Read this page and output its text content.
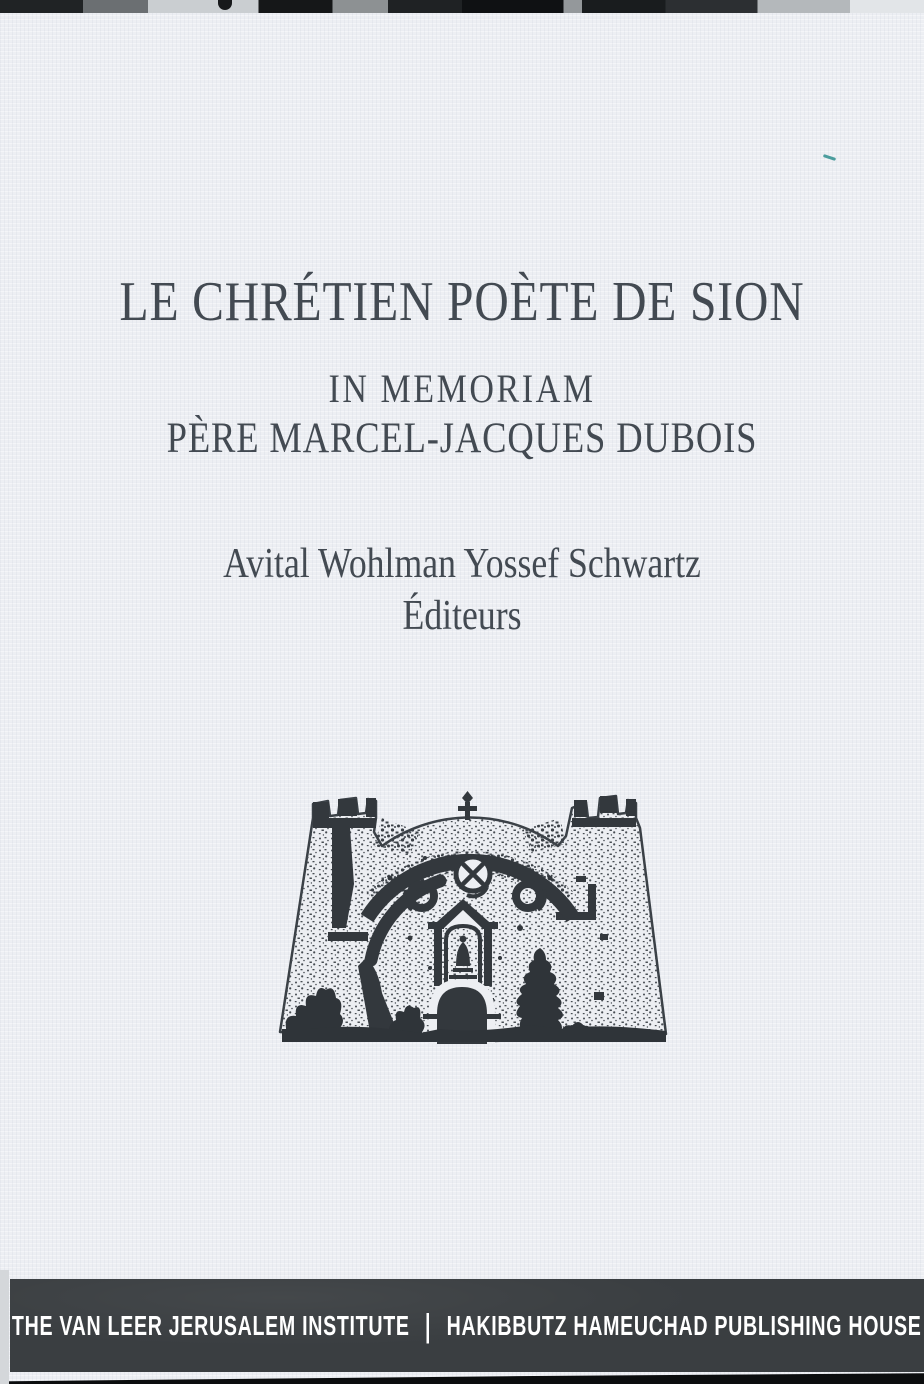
LE CHRÉTIEN POÈTE DE SION
IN MEMORIAM
PÈRE MARCEL-JACQUES DUBOIS
Avital Wohlman Yossef Schwartz
Éditeurs
THE VAN LEER JERUSALEM INSTITUTE | HAKIBBUTZ HAMEUCHAD PUBLISHING HOUSE
